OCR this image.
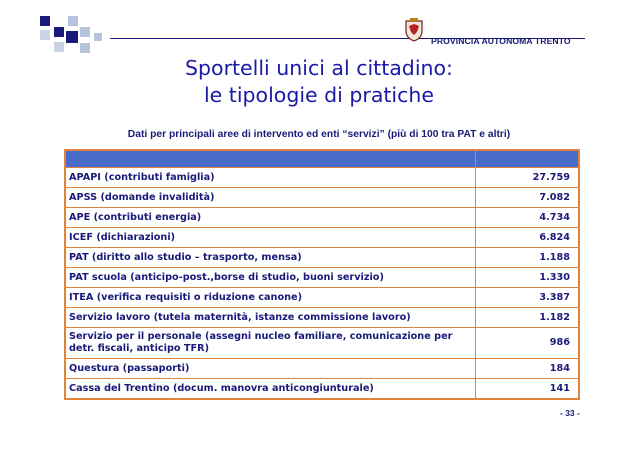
PROVINCIA AUTONOMA TRENTO
Sportelli unici al cittadino:
le tipologie di pratiche
Dati per principali aree di intervento ed enti “servizi” (più di 100 tra PAT e altri)

APAPI (contributi famiglia)	27.759
APSS (domande invalidità)	7.082
APE (contributi energia)	4.734
ICEF (dichiarazioni)	6.824
PAT (diritto allo studio – trasporto, mensa)	1.188
PAT scuola (anticipo-post.,borse di studio, buoni servizio)	1.330
ITEA (verifica requisiti o riduzione canone)	3.387
Servizio lavoro (tutela maternità, istanze commissione lavoro)	1.182
Servizio per il personale (assegni nucleo familiare, comunicazione per detr. fiscali, anticipo TFR)	986
Questura (passaporti)	184
Cassa del Trentino (docum. manovra anticongiunturale)	141
- 33 -
